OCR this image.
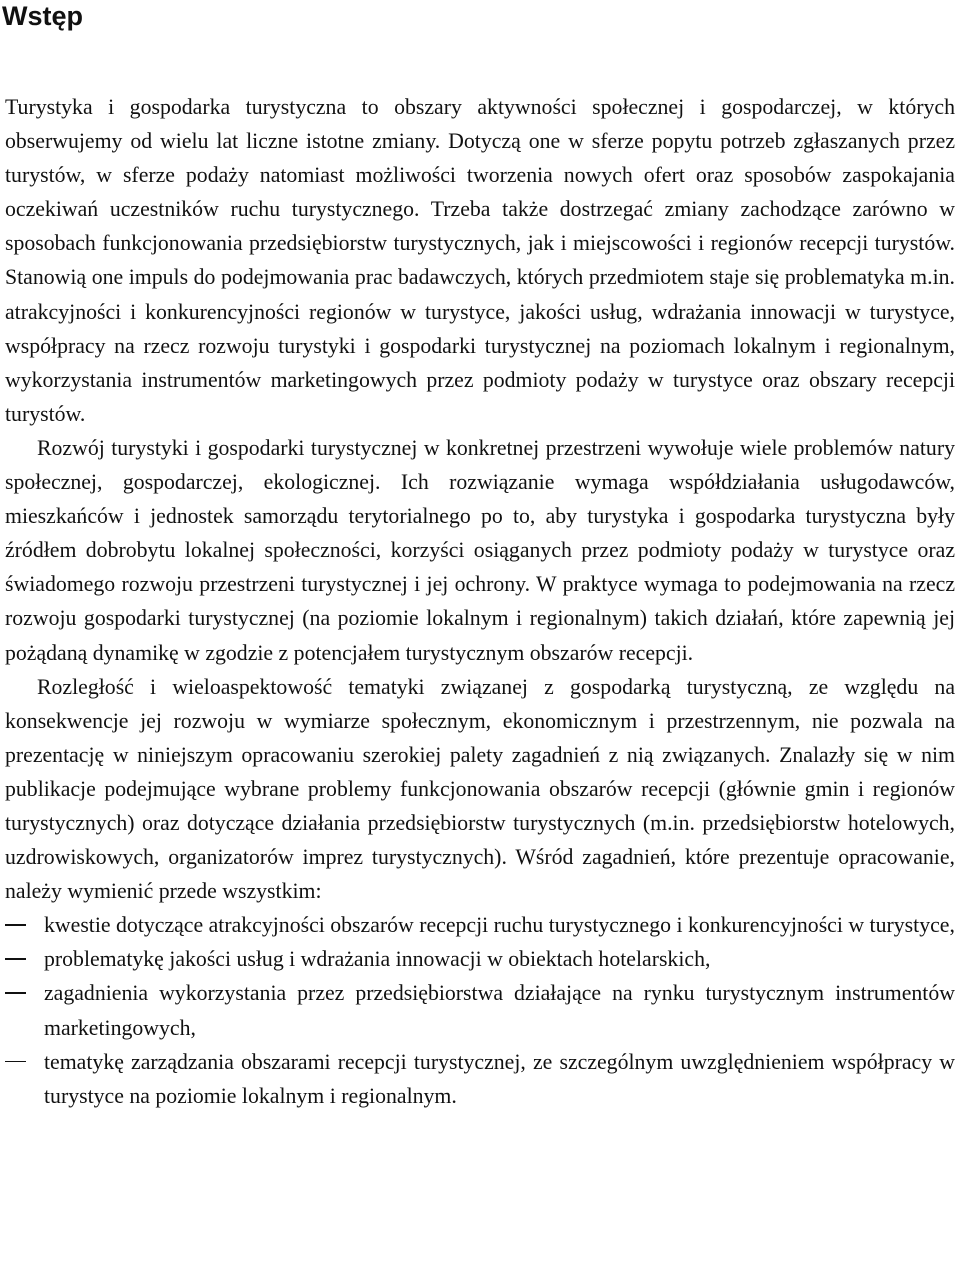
Wstęp

Turystyka i gospodarka turystyczna to obszary aktywności społecznej i gospodarczej, w których obserwujemy od wielu lat liczne istotne zmiany. Dotyczą one w sferze popytu potrzeb zgłaszanych przez turystów, w sferze podaży natomiast możliwości tworzenia nowych ofert oraz sposobów zaspokajania oczekiwań uczestników ruchu turystycznego. Trzeba także dostrzegać zmiany zachodzące zarówno w sposobach funkcjonowania przedsiębiorstw turystycznych, jak i miejscowości i regionów recepcji turystów. Stanowią one impuls do podejmowania prac badawczych, których przedmiotem staje się problematyka m.in. atrakcyjności i konkurencyjności regionów w turystyce, jakości usług, wdrażania innowacji w turystyce, współpracy na rzecz rozwoju turystyki i gospodarki turystycznej na poziomach lokalnym i regionalnym, wykorzystania instrumentów marketingowych przez podmioty podaży w turystyce oraz obszary recepcji turystów.

Rozwój turystyki i gospodarki turystycznej w konkretnej przestrzeni wywołuje wiele problemów natury społecznej, gospodarczej, ekologicznej. Ich rozwiązanie wymaga współdziałania usługodawców, mieszkańców i jednostek samorządu terytorialnego po to, aby turystyka i gospodarka turystyczna były źródłem dobrobytu lokalnej społeczności, korzyści osiąganych przez podmioty podaży w turystyce oraz świadomego rozwoju przestrzeni turystycznej i jej ochrony. W praktyce wymaga to podejmowania na rzecz rozwoju gospodarki turystycznej (na poziomie lokalnym i regionalnym) takich działań, które zapewnią jej pożądaną dynamikę w zgodzie z potencjałem turystycznym obszarów recepcji.

Rozległość i wieloaspektowość tematyki związanej z gospodarką turystyczną, ze względu na konsekwencje jej rozwoju w wymiarze społecznym, ekonomicznym i przestrzennym, nie pozwala na prezentację w niniejszym opracowaniu szerokiej palety zagadnień z nią związanych. Znalazły się w nim publikacje podejmujące wybrane problemy funkcjonowania obszarów recepcji (głównie gmin i regionów turystycznych) oraz dotyczące działania przedsiębiorstw turystycznych (m.in. przedsiębiorstw hotelowych, uzdrowiskowych, organizatorów imprez turystycznych). Wśród zagadnień, które prezentuje opracowanie, należy wymienić przede wszystkim:

kwestie dotyczące atrakcyjności obszarów recepcji ruchu turystycznego i konkurencyjności w turystyce,
problematykę jakości usług i wdrażania innowacji w obiektach hotelarskich,
zagadnienia wykorzystania przez przedsiębiorstwa działające na rynku turystycznym instrumentów marketingowych,
tematykę zarządzania obszarami recepcji turystycznej, ze szczególnym uwzględnieniem współpracy w turystyce na poziomie lokalnym i regionalnym.
